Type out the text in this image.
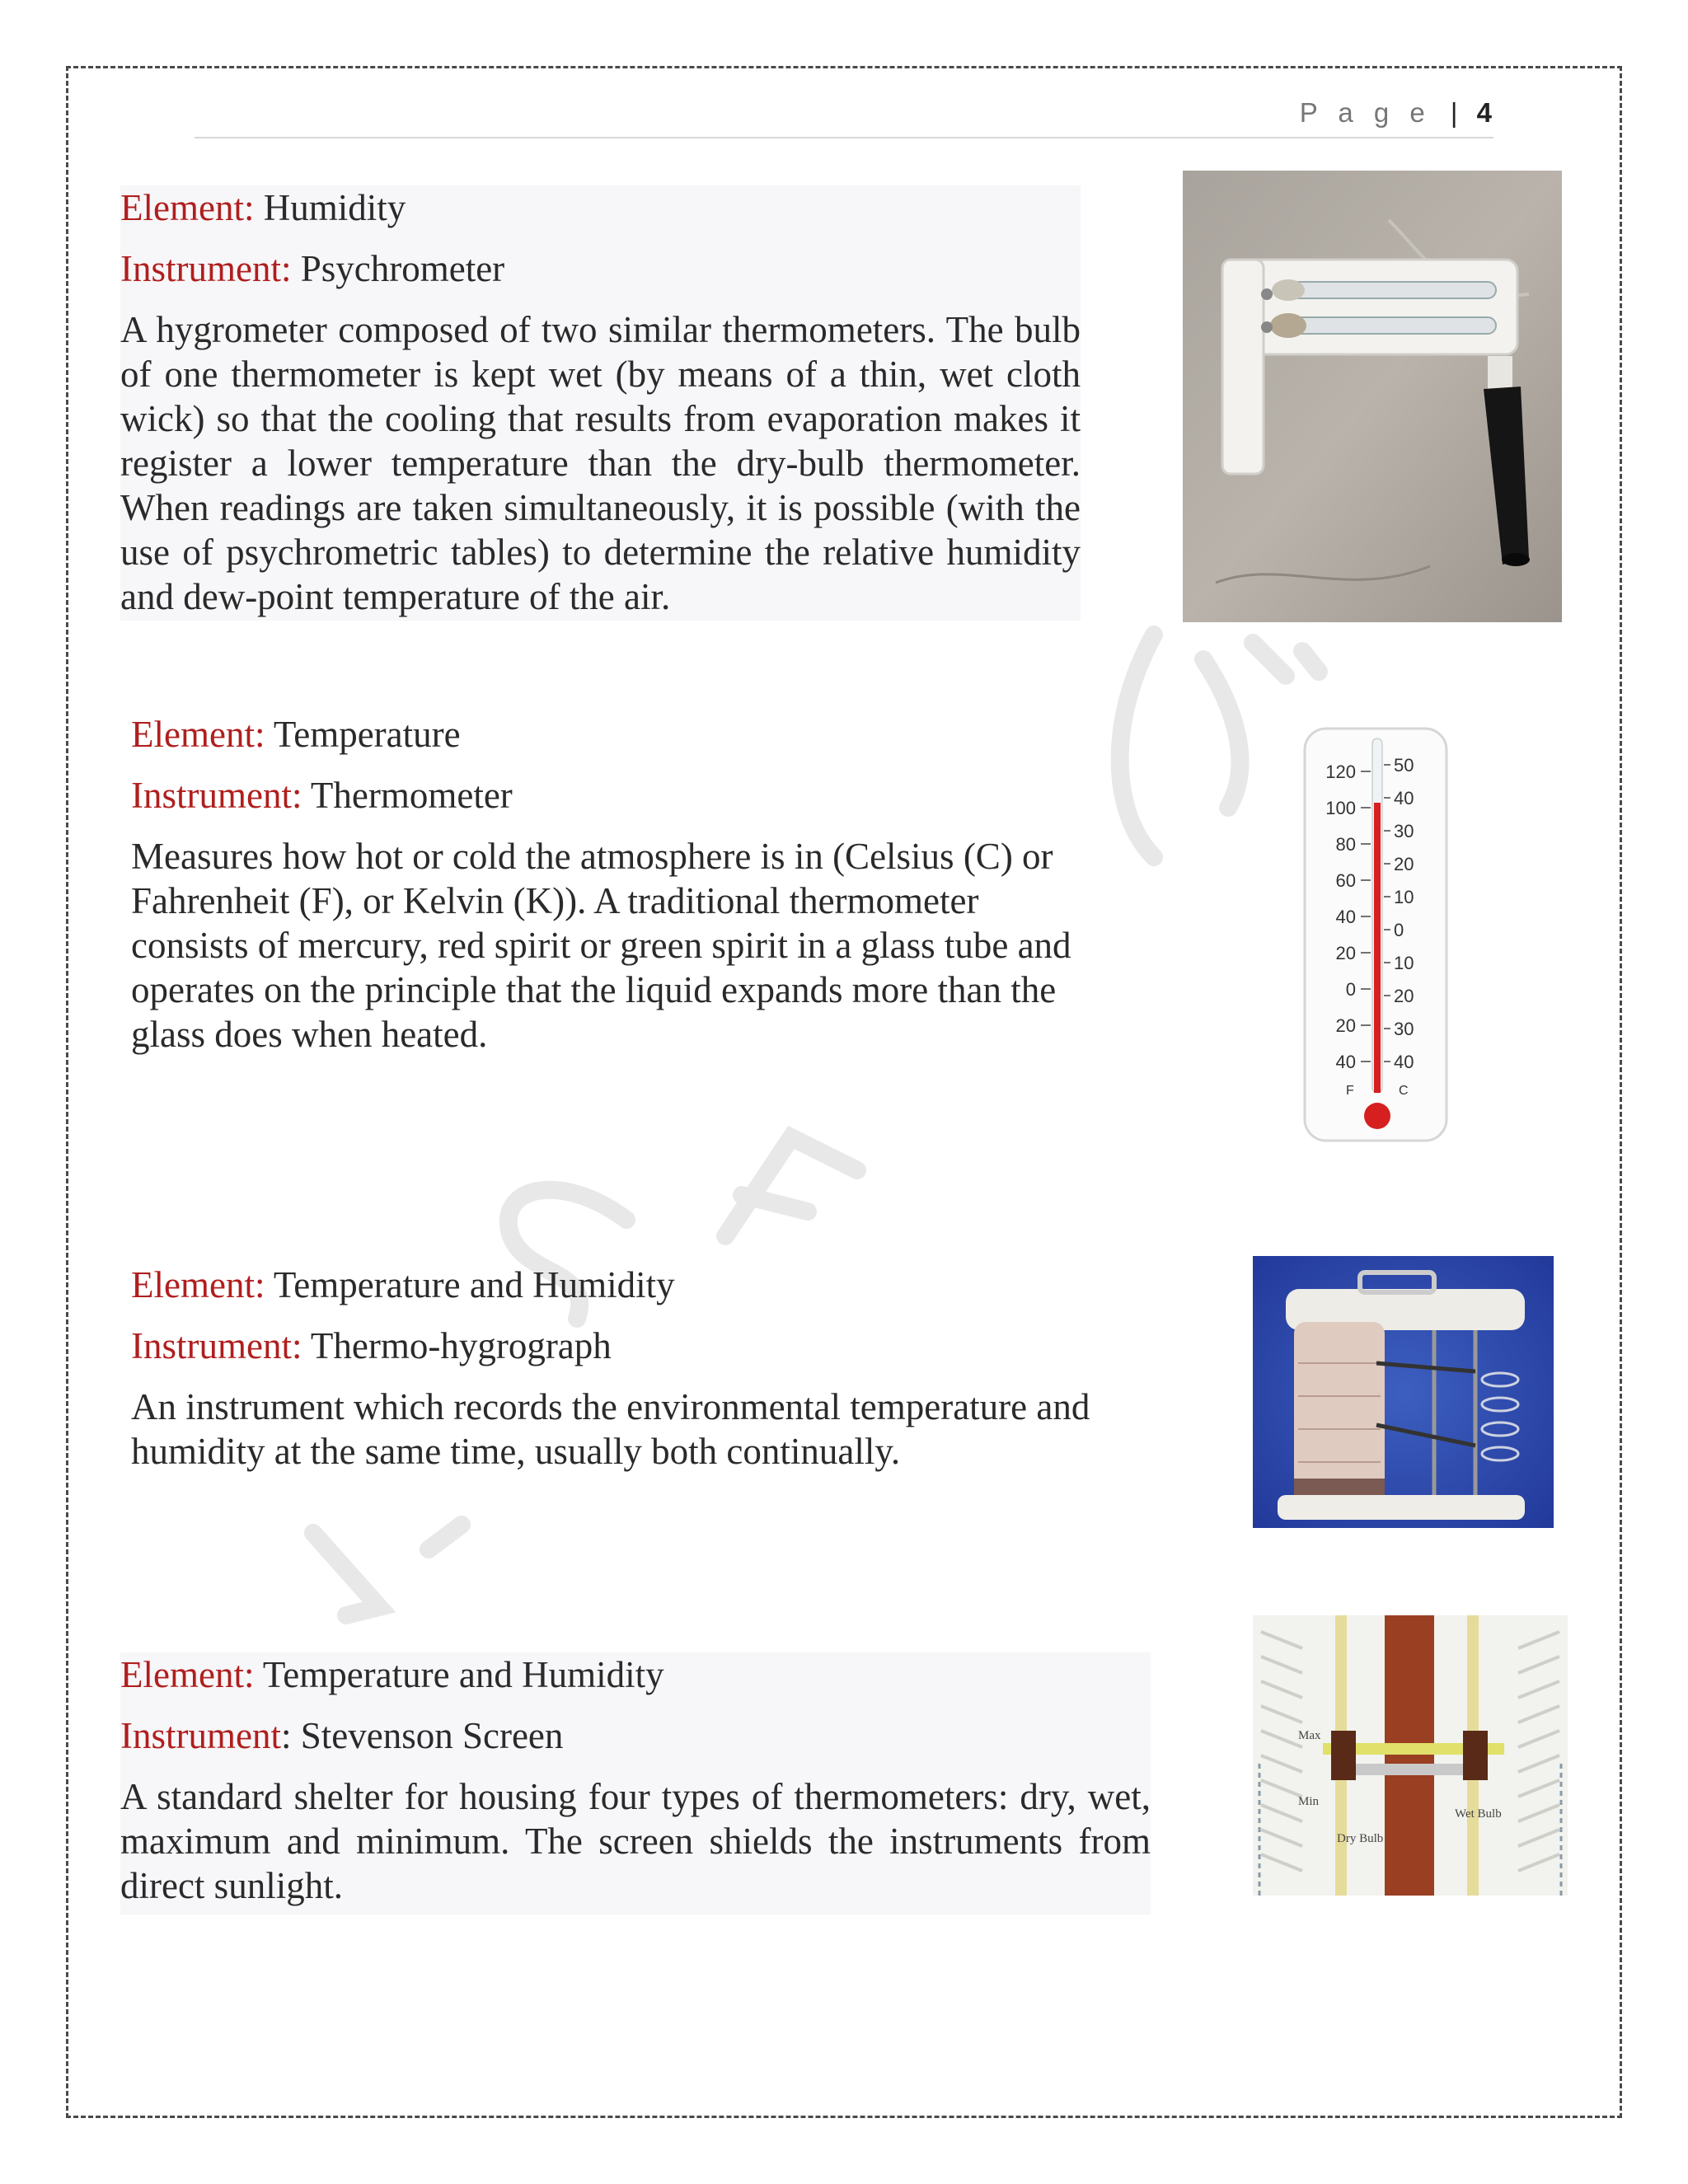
P a g e | 4
Element: Humidity
Instrument: Psychrometer
A hygrometer composed of two similar thermometers. The bulb of one thermometer is kept wet (by means of a thin, wet cloth wick) so that the cooling that results from evaporation makes it register a lower temperature than the dry-bulb thermometer. When readings are taken simultaneously, it is possible (with the use of psychrometric tables) to determine the relative humidity and dew-point temperature of the air.
Element: Temperature
Instrument: Thermometer
Measures how hot or cold the atmosphere is in (Celsius (C) or Fahrenheit (F), or Kelvin (K)). A traditional thermometer consists of mercury, red spirit or green spirit in a glass tube and operates on the principle that the liquid expands more than the glass does when heated.
120
100
80
60
40
20
0
20
40
50
40
30
20
10
0
10
20
30
40
F	C
Element: Temperature and Humidity
Instrument: Thermo-hygrograph
An instrument which records the environmental temperature and humidity at the same time, usually both continually.
Element: Temperature and Humidity
Instrument: Stevenson Screen
A standard shelter for housing four types of thermometers: dry, wet, maximum and minimum. The screen shields the instruments from direct sunlight.
Max
Min
Dry Bulb
Wet Bulb
